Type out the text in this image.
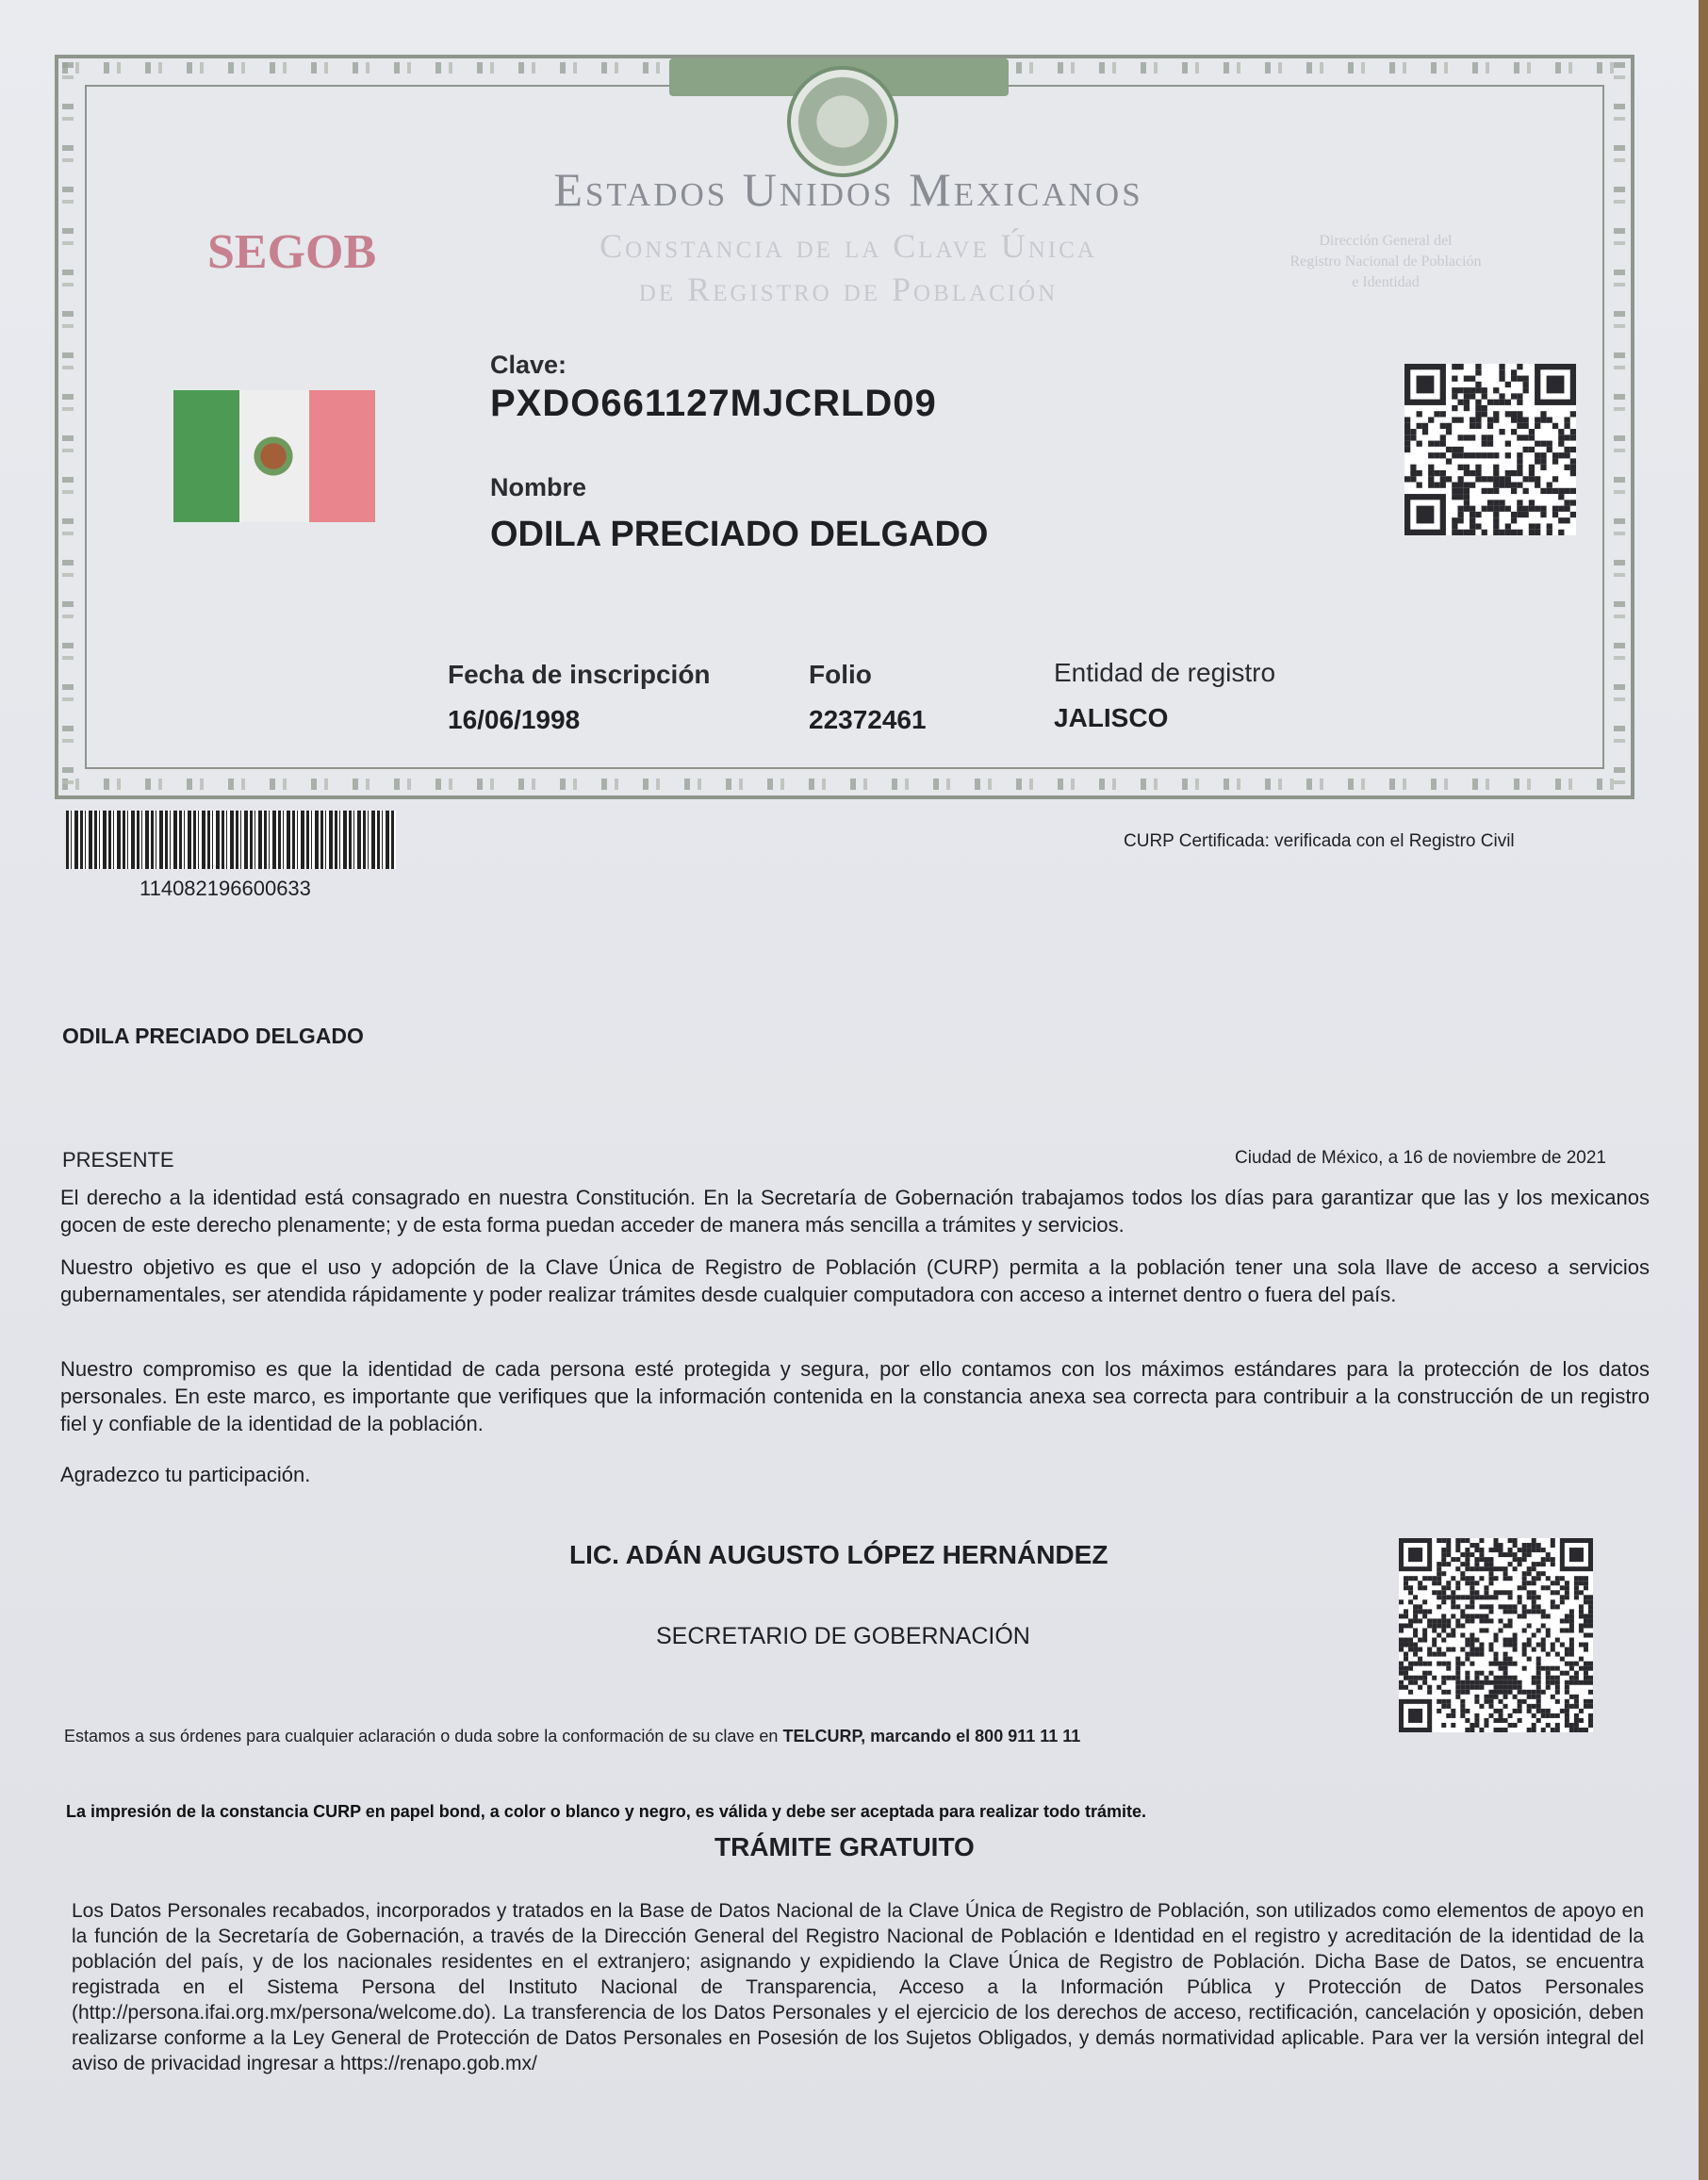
Estados Unidos Mexicanos
Constancia de la Clave Única
de Registro de Población
SEGOB	Dirección General del
Registro Nacional de Población
e Identidad
Clave:
PXDO661127MJCRLD09
Nombre
ODILA PRECIADO DELGADO
Fecha de inscripción
16/06/1998
Folio
22372461
Entidad de registro
JALISCO
114082196600633
CURP Certificada: verificada con el Registro Civil
ODILA PRECIADO DELGADO
PRESENTE	Ciudad de México, a 16 de noviembre de 2021
El derecho a la identidad está consagrado en nuestra Constitución. En la Secretaría de Gobernación trabajamos todos los días para garantizar que las y los mexicanos gocen de este derecho plenamente; y de esta forma puedan acceder de manera más sencilla a trámites y servicios.
Nuestro objetivo es que el uso y adopción de la Clave Única de Registro de Población (CURP) permita a la población tener una sola llave de acceso a servicios gubernamentales, ser atendida rápidamente y poder realizar trámites desde cualquier computadora con acceso a internet dentro o fuera del país.
Nuestro compromiso es que la identidad de cada persona esté protegida y segura, por ello contamos con los máximos estándares para la protección de los datos personales. En este marco, es importante que verifiques que la información contenida en la constancia anexa sea correcta para contribuir a la construcción de un registro fiel y confiable de la identidad de la población.
Agradezco tu participación.
LIC. ADÁN AUGUSTO LÓPEZ HERNÁNDEZ
SECRETARIO DE GOBERNACIÓN
Estamos a sus órdenes para cualquier aclaración o duda sobre la conformación de su clave en TELCURP, marcando el 800 911 11 11
La impresión de la constancia CURP en papel bond, a color o blanco y negro, es válida y debe ser aceptada para realizar todo trámite.
TRÁMITE GRATUITO
Los Datos Personales recabados, incorporados y tratados en la Base de Datos Nacional de la Clave Única de Registro de Población, son utilizados como elementos de apoyo en la función de la Secretaría de Gobernación, a través de la Dirección General del Registro Nacional de Población e Identidad en el registro y acreditación de la identidad de la población del país, y de los nacionales residentes en el extranjero; asignando y expidiendo la Clave Única de Registro de Población. Dicha Base de Datos, se encuentra registrada en el Sistema Persona del Instituto Nacional de Transparencia, Acceso a la Información Pública y Protección de Datos Personales (http://persona.ifai.org.mx/persona/welcome.do). La transferencia de los Datos Personales y el ejercicio de los derechos de acceso, rectificación, cancelación y oposición, deben realizarse conforme a la Ley General de Protección de Datos Personales en Posesión de los Sujetos Obligados, y demás normatividad aplicable. Para ver la versión integral del aviso de privacidad ingresar a https://renapo.gob.mx/
